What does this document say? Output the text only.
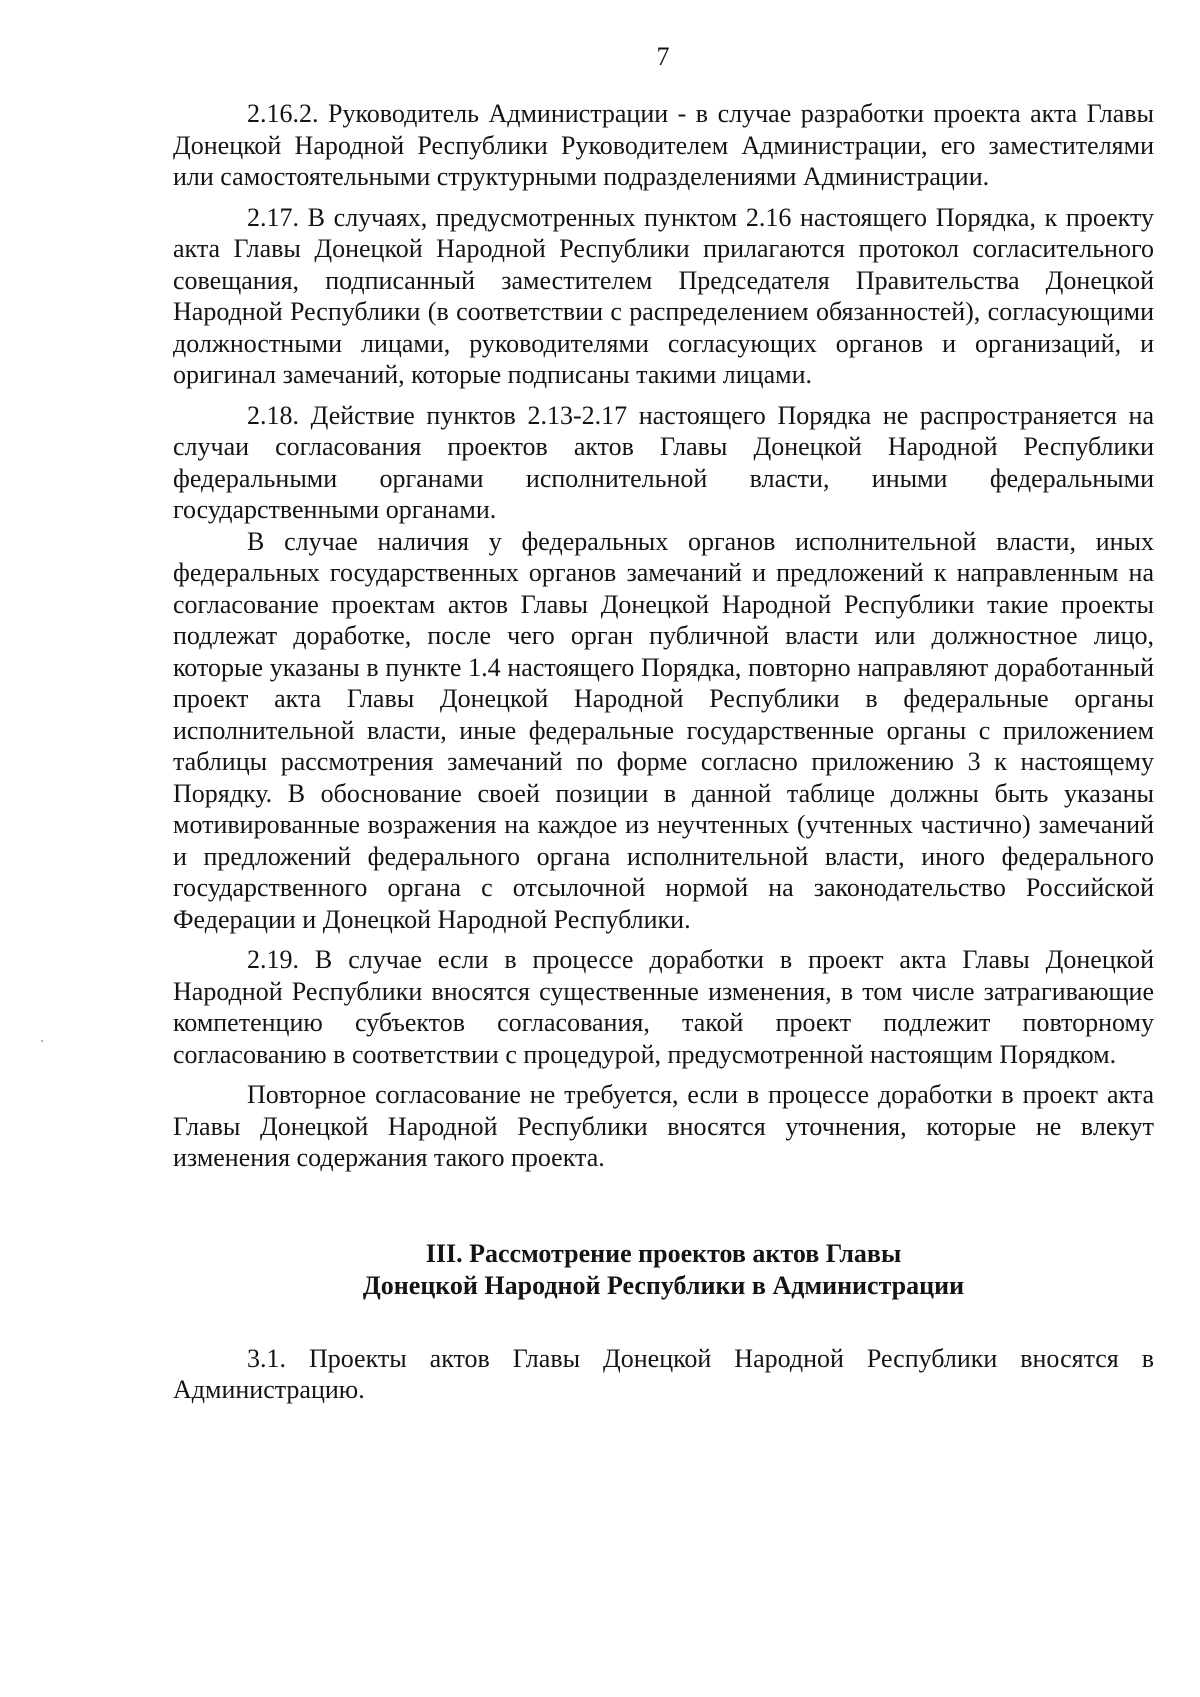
7

2.16.2. Руководитель Администрации - в случае разработки проекта акта Главы Донецкой Народной Республики Руководителем Администрации, его заместителями или самостоятельными структурными подразделениями Администрации.

2.17. В случаях, предусмотренных пунктом 2.16 настоящего Порядка, к проекту акта Главы Донецкой Народной Республики прилагаются протокол согласительного совещания, подписанный заместителем Председателя Правительства Донецкой Народной Республики (в соответствии с распределением обязанностей), согласующими должностными лицами, руководителями согласующих органов и организаций, и оригинал замечаний, которые подписаны такими лицами.

2.18. Действие пунктов 2.13-2.17 настоящего Порядка не распространяется на случаи согласования проектов актов Главы Донецкой Народной Республики федеральными органами исполнительной власти, иными федеральными государственными органами.

В случае наличия у федеральных органов исполнительной власти, иных федеральных государственных органов замечаний и предложений к направленным на согласование проектам актов Главы Донецкой Народной Республики такие проекты подлежат доработке, после чего орган публичной власти или должностное лицо, которые указаны в пункте 1.4 настоящего Порядка, повторно направляют доработанный проект акта Главы Донецкой Народной Республики в федеральные органы исполнительной власти, иные федеральные государственные органы с приложением таблицы рассмотрения замечаний по форме согласно приложению 3 к настоящему Порядку. В обоснование своей позиции в данной таблице должны быть указаны мотивированные возражения на каждое из неучтенных (учтенных частично) замечаний и предложений федерального органа исполнительной власти, иного федерального государственного органа с отсылочной нормой на законодательство Российской Федерации и Донецкой Народной Республики.

2.19. В случае если в процессе доработки в проект акта Главы Донецкой Народной Республики вносятся существенные изменения, в том числе затрагивающие компетенцию субъектов согласования, такой проект подлежит повторному согласованию в соответствии с процедурой, предусмотренной настоящим Порядком.

Повторное согласование не требуется, если в процессе доработки в проект акта Главы Донецкой Народной Республики вносятся уточнения, которые не влекут изменения содержания такого проекта.

III. Рассмотрение проектов актов Главы
Донецкой Народной Республики в Администрации

3.1. Проекты актов Главы Донецкой Народной Республики вносятся в Администрацию.
